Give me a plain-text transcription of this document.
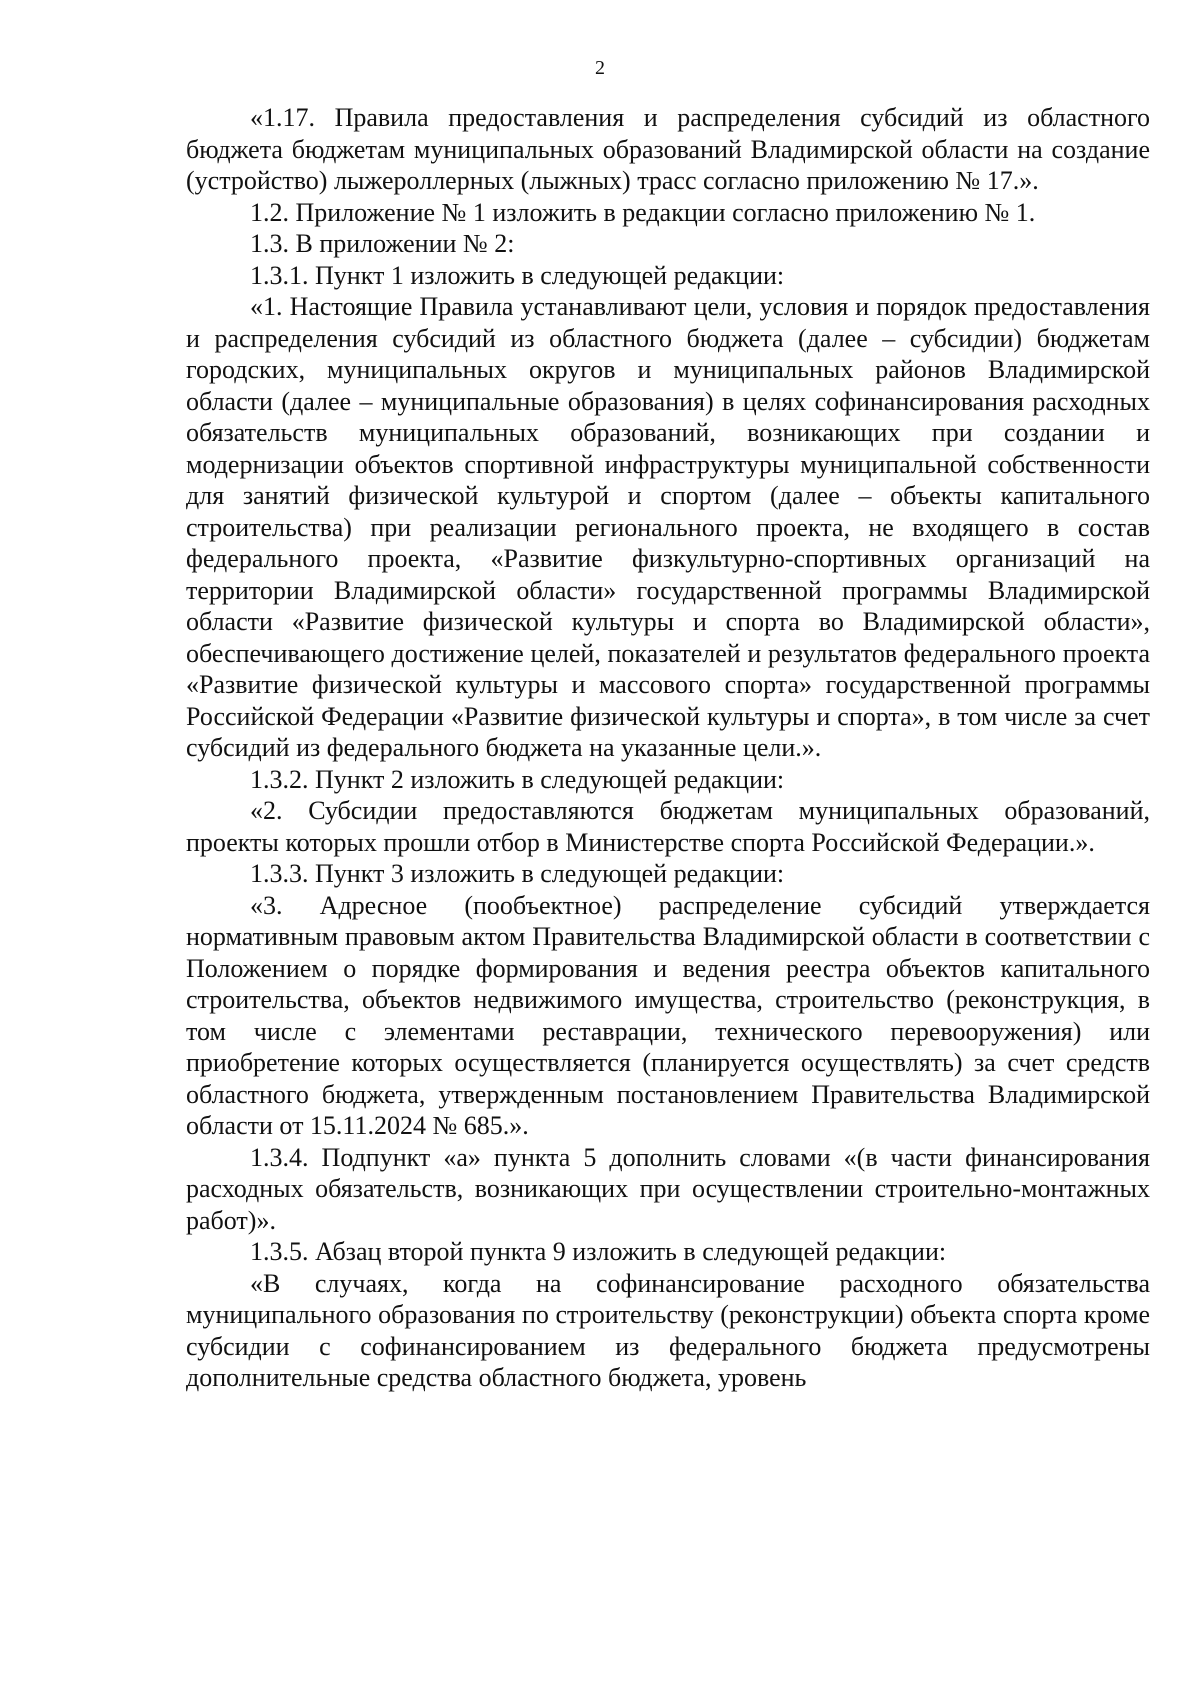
2

«1.17. Правила предоставления и распределения субсидий из областного бюджета бюджетам муниципальных образований Владимирской области на создание (устройство) лыжероллерных (лыжных) трасс согласно приложению № 17.».

1.2. Приложение № 1 изложить в редакции согласно приложению № 1.

1.3. В приложении № 2:

1.3.1. Пункт 1 изложить в следующей редакции:

«1. Настоящие Правила устанавливают цели, условия и порядок предоставления и распределения субсидий из областного бюджета (далее – субсидии) бюджетам городских, муниципальных округов и муниципальных районов Владимирской области (далее – муниципальные образования) в целях софинансирования расходных обязательств муниципальных образований, возникающих при создании и модернизации объектов спортивной инфраструктуры муниципальной собственности для занятий физической культурой и спортом (далее – объекты капитального строительства) при реализации регионального проекта, не входящего в состав федерального проекта, «Развитие физкультурно-спортивных организаций на территории Владимирской области» государственной программы Владимирской области «Развитие физической культуры и спорта во Владимирской области», обеспечивающего достижение целей, показателей и результатов федерального проекта «Развитие физической культуры и массового спорта» государственной программы Российской Федерации «Развитие физической культуры и спорта», в том числе за счет субсидий из федерального бюджета на указанные цели.».

1.3.2. Пункт 2 изложить в следующей редакции:

«2. Субсидии предоставляются бюджетам муниципальных образований, проекты которых прошли отбор в Министерстве спорта Российской Федерации.».

1.3.3. Пункт 3 изложить в следующей редакции:

«3. Адресное (пообъектное) распределение субсидий утверждается нормативным правовым актом Правительства Владимирской области в соответствии с Положением о порядке формирования и ведения реестра объектов капитального строительства, объектов недвижимого имущества, строительство (реконструкция, в том числе с элементами реставрации, технического перевооружения) или приобретение которых осуществляется (планируется осуществлять) за счет средств областного бюджета, утвержденным постановлением Правительства Владимирской области от 15.11.2024 № 685.».

1.3.4. Подпункт «а» пункта 5 дополнить словами «(в части финансирования расходных обязательств, возникающих при осуществлении строительно-монтажных работ)».

1.3.5. Абзац второй пункта 9 изложить в следующей редакции:

«В случаях, когда на софинансирование расходного обязательства муниципального образования по строительству (реконструкции) объекта спорта кроме субсидии с софинансированием из федерального бюджета предусмотрены дополнительные средства областного бюджета, уровень
